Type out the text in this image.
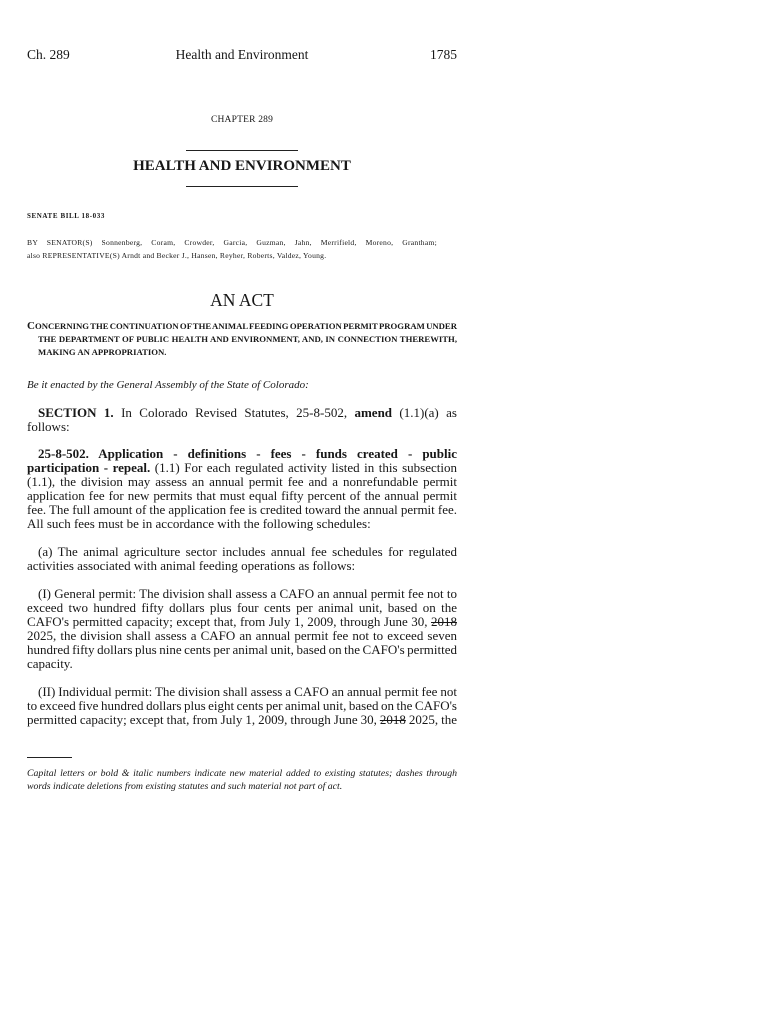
Ch. 289	Health and Environment	1785
CHAPTER 289
HEALTH AND ENVIRONMENT
SENATE BILL 18-033
BY SENATOR(S) Sonnenberg, Coram, Crowder, Garcia, Guzman, Jahn, Merrifield, Moreno, Grantham;
also REPRESENTATIVE(S) Arndt and Becker J., Hansen, Reyher, Roberts, Valdez, Young.
AN ACT
CONCERNING THE CONTINUATION OF THE ANIMAL FEEDING OPERATION PERMIT PROGRAM UNDER
THE DEPARTMENT OF PUBLIC HEALTH AND ENVIRONMENT, AND, IN CONNECTION THEREWITH,
MAKING AN APPROPRIATION.
Be it enacted by the General Assembly of the State of Colorado:
SECTION 1. In Colorado Revised Statutes, 25-8-502, amend (1.1)(a) as
follows:
25-8-502. Application - definitions - fees - funds created - public
participation - repeal. (1.1) For each regulated activity listed in this subsection
(1.1), the division may assess an annual permit fee and a nonrefundable permit
application fee for new permits that must equal fifty percent of the annual permit
fee. The full amount of the application fee is credited toward the annual permit fee.
All such fees must be in accordance with the following schedules:
(a) The animal agriculture sector includes annual fee schedules for regulated
activities associated with animal feeding operations as follows:
(I) General permit: The division shall assess a CAFO an annual permit fee not to
exceed two hundred fifty dollars plus four cents per animal unit, based on the
CAFO's permitted capacity; except that, from July 1, 2009, through June 30, 2018
2025, the division shall assess a CAFO an annual permit fee not to exceed seven
hundred fifty dollars plus nine cents per animal unit, based on the CAFO's permitted
capacity.
(II) Individual permit: The division shall assess a CAFO an annual permit fee not
to exceed five hundred dollars plus eight cents per animal unit, based on the CAFO's
permitted capacity; except that, from July 1, 2009, through June 30, 2018 2025, the
Capital letters or bold & italic numbers indicate new material added to existing statutes; dashes through
words indicate deletions from existing statutes and such material not part of act.
